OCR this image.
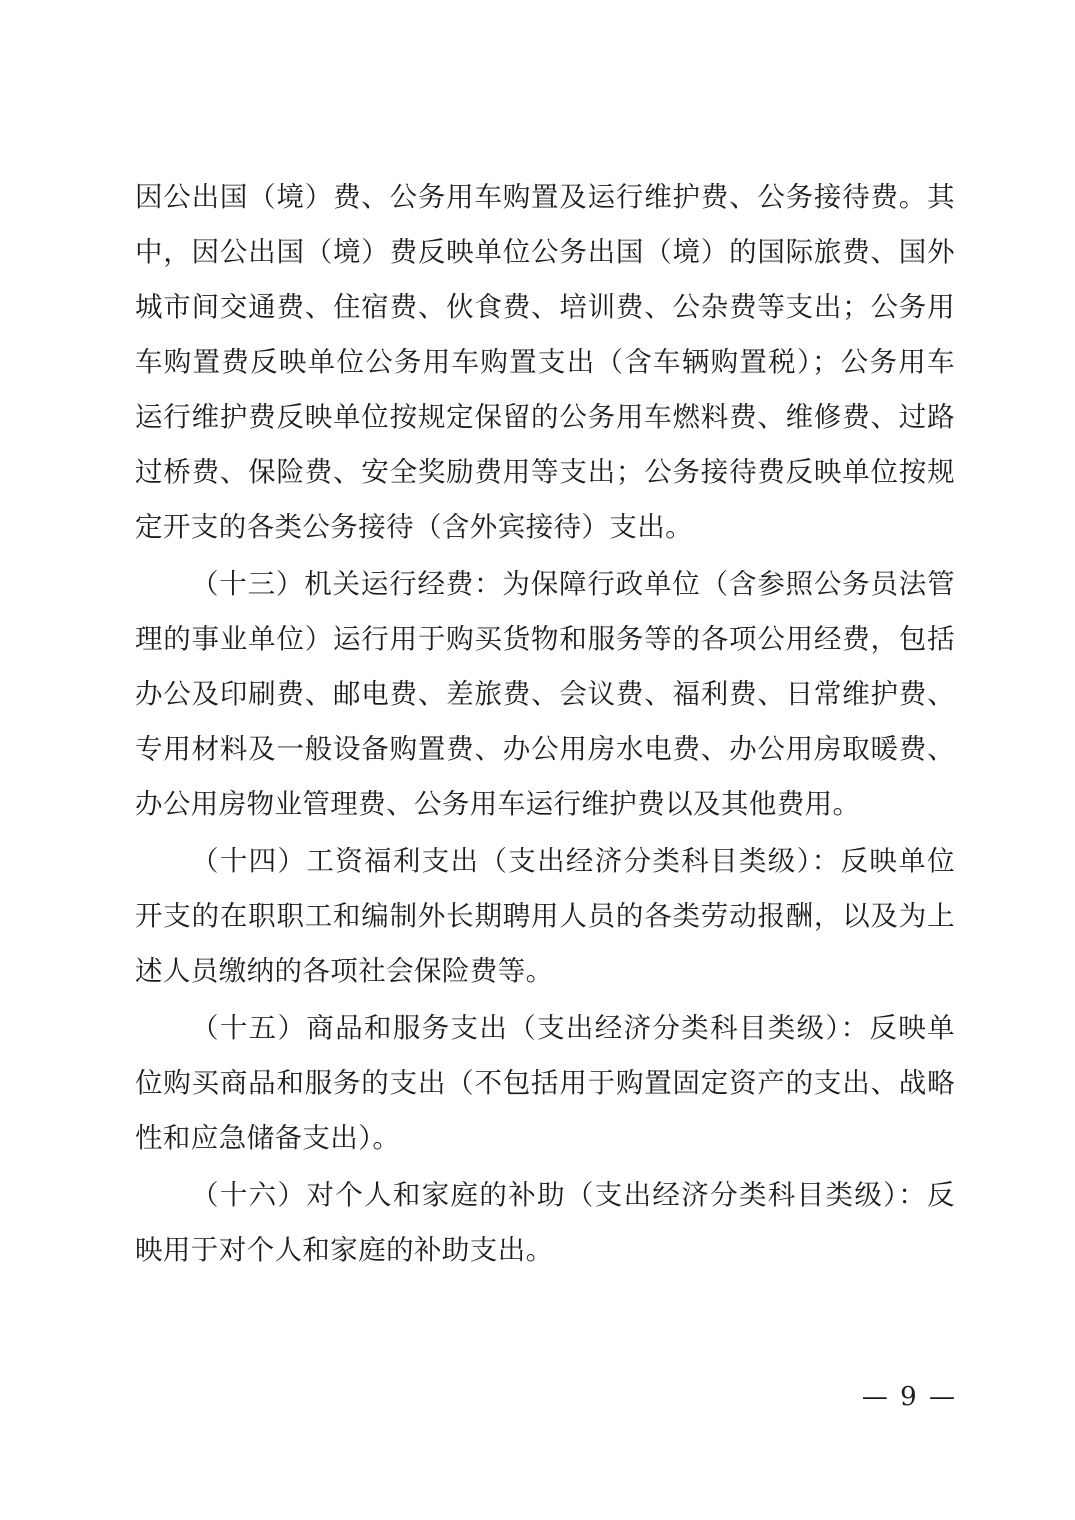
因公出国（境）费、公务用车购置及运行维护费、公务接待费。其中，因公出国（境）费反映单位公务出国（境）的国际旅费、国外城市间交通费、住宿费、伙食费、培训费、公杂费等支出；公务用车购置费反映单位公务用车购置支出（含车辆购置税）；公务用车运行维护费反映单位按规定保留的公务用车燃料费、维修费、过路过桥费、保险费、安全奖励费用等支出；公务接待费反映单位按规定开支的各类公务接待（含外宾接待）支出。

（十三）机关运行经费：为保障行政单位（含参照公务员法管理的事业单位）运行用于购买货物和服务等的各项公用经费，包括办公及印刷费、邮电费、差旅费、会议费、福利费、日常维护费、专用材料及一般设备购置费、办公用房水电费、办公用房取暖费、办公用房物业管理费、公务用车运行维护费以及其他费用。

（十四）工资福利支出（支出经济分类科目类级）：反映单位开支的在职职工和编制外长期聘用人员的各类劳动报酬，以及为上述人员缴纳的各项社会保险费等。

（十五）商品和服务支出（支出经济分类科目类级）：反映单位购买商品和服务的支出（不包括用于购置固定资产的支出、战略性和应急储备支出）。

（十六）对个人和家庭的补助（支出经济分类科目类级）：反映用于对个人和家庭的补助支出。

— 9 —
